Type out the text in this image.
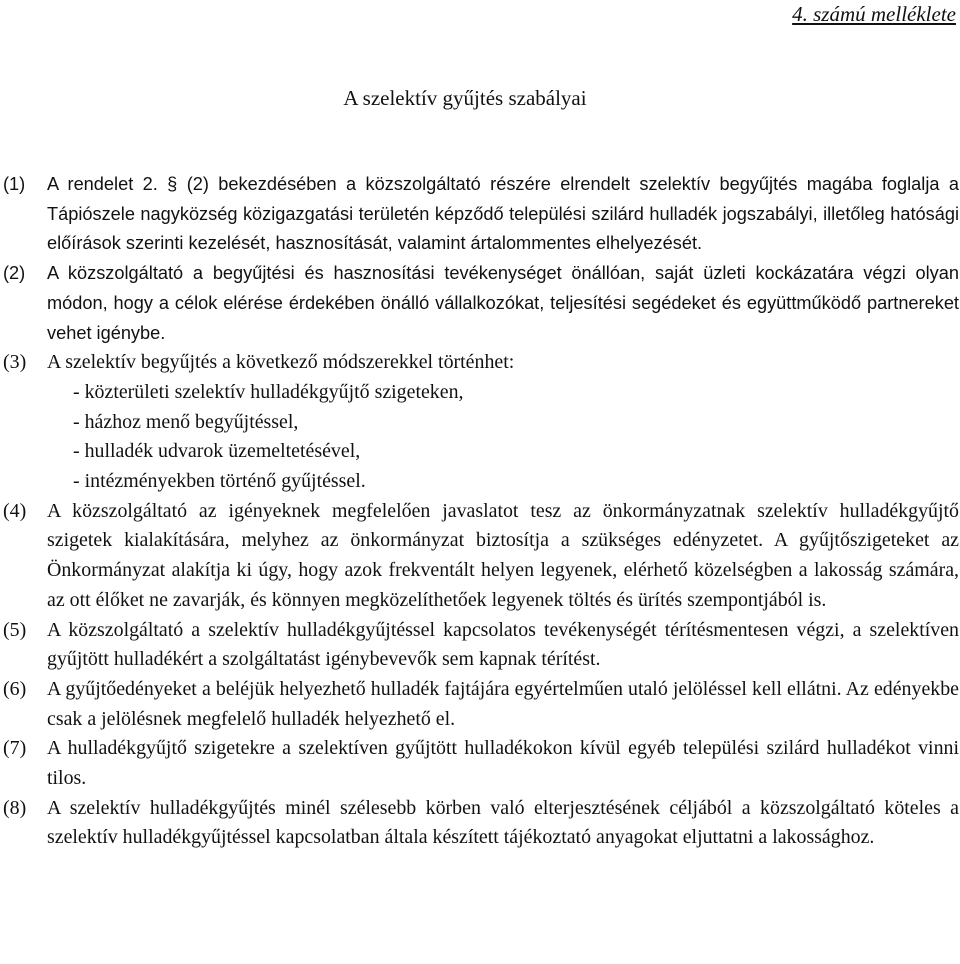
4. számú melléklete
A szelektív gyűjtés szabályai
(1)	A rendelet 2. § (2) bekezdésében a közszolgáltató részére elrendelt szelektív begyűjtés magába foglalja a Tápiószele nagyközség közigazgatási területén képződő települési szilárd hulladék jogszabályi, illetőleg hatósági előírások szerinti kezelését, hasznosítását, valamint ártalommentes elhelyezését.
(2)	A közszolgáltató a begyűjtési és hasznosítási tevékenységet önállóan, saját üzleti kockázatára végzi olyan módon, hogy a célok elérése érdekében önálló vállalkozókat, teljesítési segédeket és együttműködő partnereket vehet igénybe.
(3)	A szelektív begyűjtés a következő módszerekkel történhet:
- közterületi szelektív hulladékgyűjtő szigeteken,
- házhoz menő begyűjtéssel,
- hulladék udvarok üzemeltetésével,
- intézményekben történő gyűjtéssel.
(4)	A közszolgáltató az igényeknek megfelelően javaslatot tesz az önkormányzatnak szelektív hulladékgyűjtő szigetek kialakítására, melyhez az önkormányzat biztosítja a szükséges edényzetet. A gyűjtőszigeteket az Önkormányzat alakítja ki úgy, hogy azok frekventált helyen legyenek, elérhető közelségben a lakosság számára, az ott élőket ne zavarják, és könnyen megközelíthetőek legyenek töltés és ürítés szempontjából is.
(5)	A közszolgáltató a szelektív hulladékgyűjtéssel kapcsolatos tevékenységét térítésmentesen végzi, a szelektíven gyűjtött hulladékért a szolgáltatást igénybevevők sem kapnak térítést.
(6)	A gyűjtőedényeket a beléjük helyezhető hulladék fajtájára egyértelműen utaló jelöléssel kell ellátni. Az edényekbe csak a jelölésnek megfelelő hulladék helyezhető el.
(7)	A hulladékgyűjtő szigetekre a szelektíven gyűjtött hulladékokon kívül egyéb települési szilárd hulladékot vinni tilos.
(8)	A szelektív hulladékgyűjtés minél szélesebb körben való elterjesztésének céljából a közszolgáltató köteles a szelektív hulladékgyűjtéssel kapcsolatban általa készített tájékoztató anyagokat eljuttatni a lakossághoz.
